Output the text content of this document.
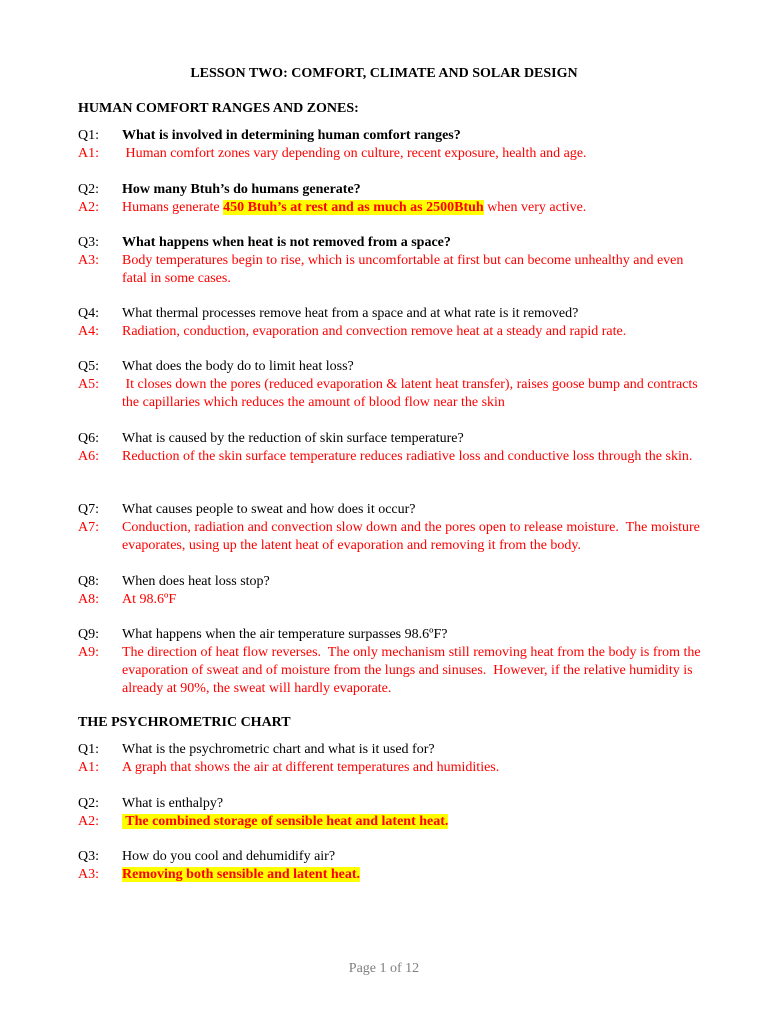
LESSON TWO: COMFORT, CLIMATE AND SOLAR DESIGN
HUMAN COMFORT RANGES AND ZONES:
Q1: What is involved in determining human comfort ranges?
A1: Human comfort zones vary depending on culture, recent exposure, health and age.
Q2: How many Btuh’s do humans generate?
A2: Humans generate 450 Btuh’s at rest and as much as 2500Btuh when very active.
Q3: What happens when heat is not removed from a space?
A3: Body temperatures begin to rise, which is uncomfortable at first but can become unhealthy and even fatal in some cases.
Q4: What thermal processes remove heat from a space and at what rate is it removed?
A4: Radiation, conduction, evaporation and convection remove heat at a steady and rapid rate.
Q5: What does the body do to limit heat loss?
A5: It closes down the pores (reduced evaporation & latent heat transfer), raises goose bump and contracts the capillaries which reduces the amount of blood flow near the skin
Q6: What is caused by the reduction of skin surface temperature?
A6: Reduction of the skin surface temperature reduces radiative loss and conductive loss through the skin.
Q7: What causes people to sweat and how does it occur?
A7: Conduction, radiation and convection slow down and the pores open to release moisture.  The moisture evaporates, using up the latent heat of evaporation and removing it from the body.
Q8: When does heat loss stop?
A8: At 98.6ºF
Q9: What happens when the air temperature surpasses 98.6ºF?
A9: The direction of heat flow reverses.  The only mechanism still removing heat from the body is from the evaporation of sweat and of moisture from the lungs and sinuses.  However, if the relative humidity is already at 90%, the sweat will hardly evaporate.
THE PSYCHROMETRIC CHART
Q1: What is the psychrometric chart and what is it used for?
A1: A graph that shows the air at different temperatures and humidities.
Q2: What is enthalpy?
A2: The combined storage of sensible heat and latent heat.
Q3: How do you cool and dehumidify air?
A3: Removing both sensible and latent heat.
Page 1 of 12
